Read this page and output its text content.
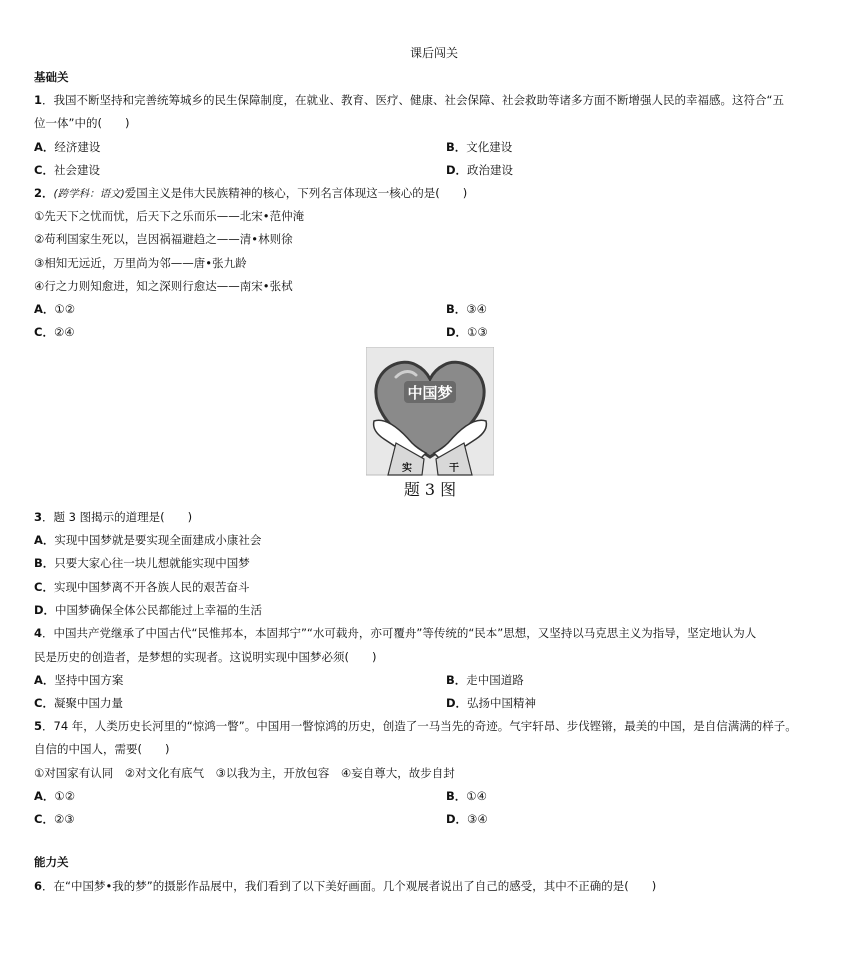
课后闯关
基础关
1．我国不断坚持和完善统筹城乡的民生保障制度，在就业、教育、医疗、健康、社会保障、社会救助等诸多方面不断增强人民的幸福感。这符合“五
位一体”中的(　　)
A．经济建设	B．文化建设
C．社会建设	D．政治建设
2．(跨学科：语文)爱国主义是伟大民族精神的核心，下列名言体现这一核心的是(　　)
①先天下之忧而忧，后天下之乐而乐——北宋•范仲淹
②苟利国家生死以，岂因祸福避趋之——清•林则徐
③相知无远近，万里尚为邻——唐•张九龄
④行之力则知愈进，知之深则行愈达——南宋•张栻
A．①②	B．③④
C．②④	D．①③
中国梦
实	干
题 3 图
3．题 3 图揭示的道理是(　　)
A．实现中国梦就是要实现全面建成小康社会
B．只要大家心往一块儿想就能实现中国梦
C．实现中国梦离不开各族人民的艰苦奋斗
D．中国梦确保全体公民都能过上幸福的生活
4．中国共产党继承了中国古代“民惟邦本，本固邦宁”“水可载舟，亦可覆舟”等传统的“民本”思想，又坚持以马克思主义为指导，坚定地认为人
民是历史的创造者，是梦想的实现者。这说明实现中国梦必须(　　)
A．坚持中国方案	B．走中国道路
C．凝聚中国力量	D．弘扬中国精神
5．74 年，人类历史长河里的“惊鸿一瞥”。中国用一瞥惊鸿的历史，创造了一马当先的奇迹。气宇轩昂、步伐铿锵，最美的中国，是自信满满的样子。
自信的中国人，需要(　　)
①对国家有认同　②对文化有底气　③以我为主，开放包容　④妄自尊大，故步自封
A．①②	B．①④
C．②③	D．③④
能力关
6．在“中国梦•我的梦”的摄影作品展中，我们看到了以下美好画面。几个观展者说出了自己的感受，其中不正确的是(　　)
